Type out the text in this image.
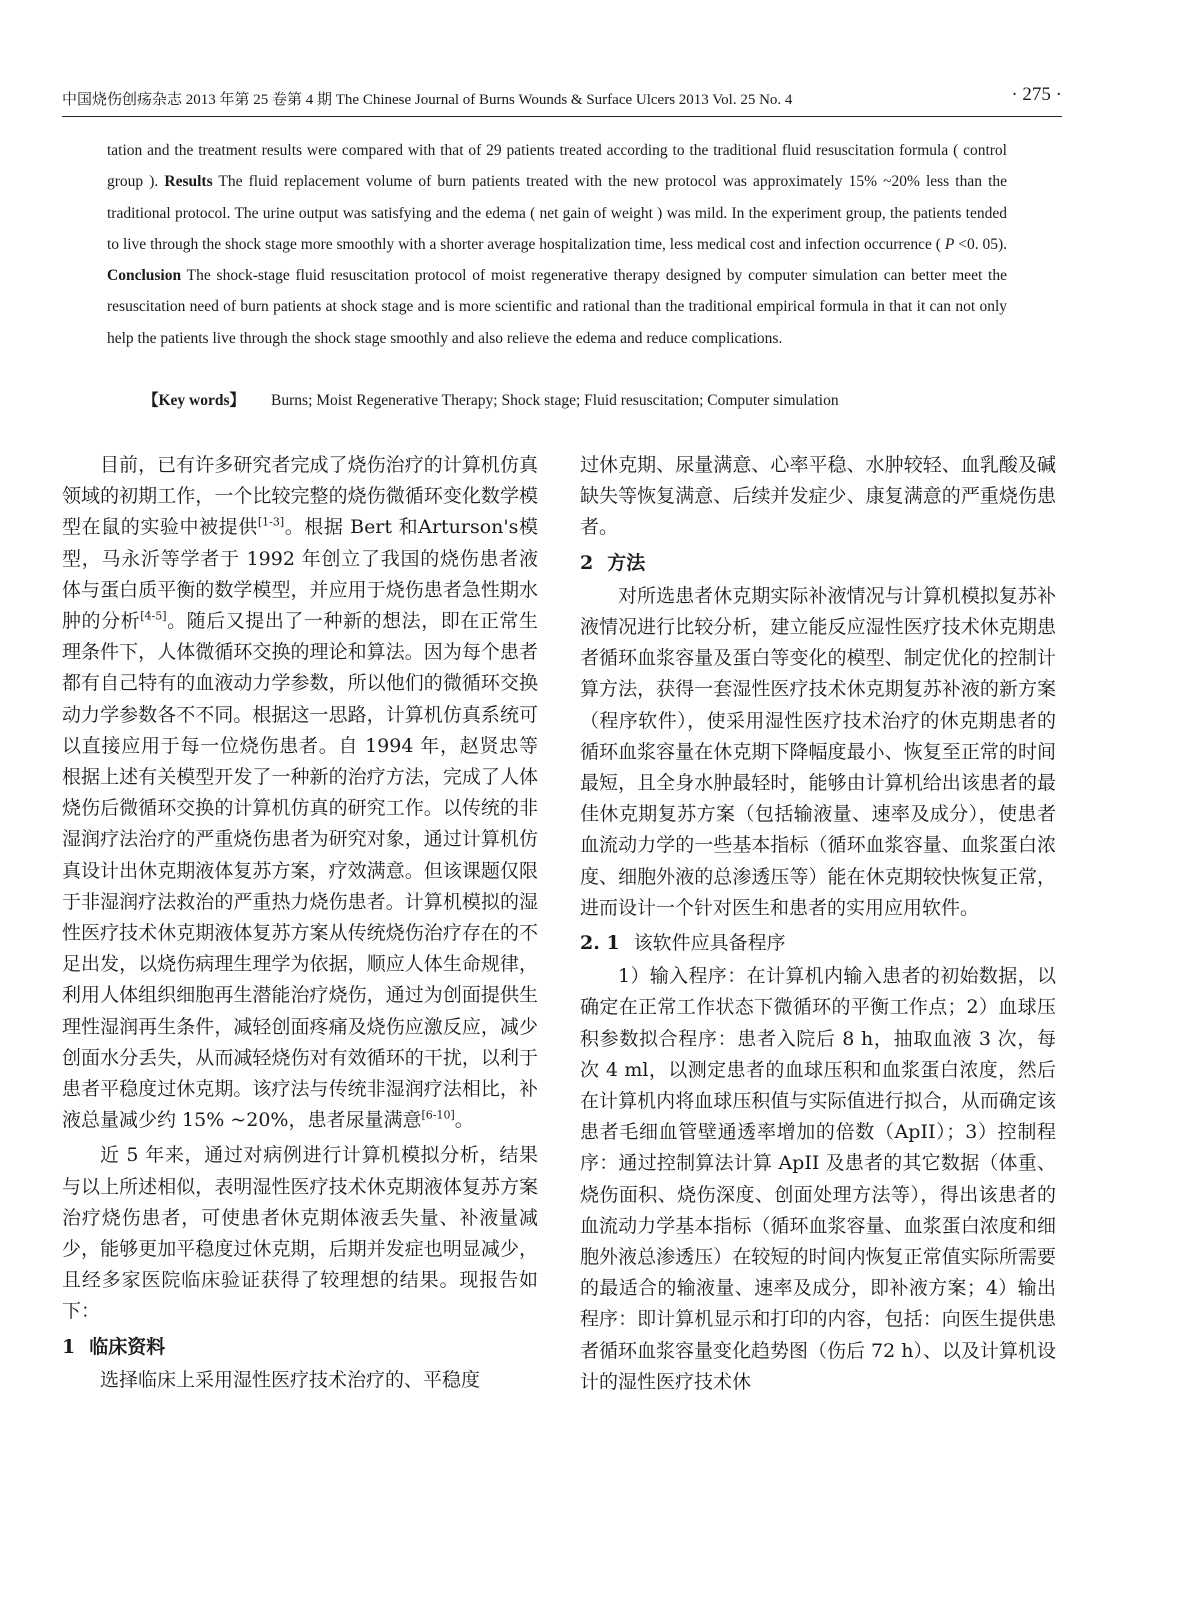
中国烧伤创疡杂志 2013 年第 25 卷第 4 期 The Chinese Journal of Burns Wounds & Surface Ulcers 2013 Vol. 25 No. 4	· 275 ·
tation and the treatment results were compared with that of 29 patients treated according to the traditional fluid resuscitation formula ( control group ). Results The fluid replacement volume of burn patients treated with the new protocol was approximately 15% ~20% less than the traditional protocol. The urine output was satisfying and the edema ( net gain of weight ) was mild. In the experiment group, the patients tended to live through the shock stage more smoothly with a shorter average hospitalization time, less medical cost and infection occurrence ( P <0. 05). Conclusion The shock-stage fluid resuscitation protocol of moist regenerative therapy designed by computer simulation can better meet the resuscitation need of burn patients at shock stage and is more scientific and rational than the traditional empirical formula in that it can not only help the patients live through the shock stage smoothly and also relieve the edema and reduce complications.
【Key words】 Burns; Moist Regenerative Therapy; Shock stage; Fluid resuscitation; Computer simulation

目前，已有许多研究者完成了烧伤治疗的计算机仿真领域的初期工作，一个比较完整的烧伤微循环变化数学模型在鼠的实验中被提供[1-3]。根据 Bert 和Arturson's模型，马永沂等学者于 1992 年创立了我国的烧伤患者液体与蛋白质平衡的数学模型，并应用于烧伤患者急性期水肿的分析[4-5]。随后又提出了一种新的想法，即在正常生理条件下，人体微循环交换的理论和算法。因为每个患者都有自己特有的血液动力学参数，所以他们的微循环交换动力学参数各不不同。根据这一思路，计算机仿真系统可以直接应用于每一位烧伤患者。自 1994 年，赵贤忠等根据上述有关模型开发了一种新的治疗方法，完成了人体烧伤后微循环交换的计算机仿真的研究工作。以传统的非湿润疗法治疗的严重烧伤患者为研究对象，通过计算机仿真设计出休克期液体复苏方案，疗效满意。但该课题仅限于非湿润疗法救治的严重热力烧伤患者。计算机模拟的湿性医疗技术休克期液体复苏方案从传统烧伤治疗存在的不足出发，以烧伤病理生理学为依据，顺应人体生命规律，利用人体组织细胞再生潜能治疗烧伤，通过为创面提供生理性湿润再生条件，减轻创面疼痛及烧伤应激反应，减少创面水分丢失，从而减轻烧伤对有效循环的干扰，以利于患者平稳度过休克期。该疗法与传统非湿润疗法相比，补液总量减少约 15% ~20%，患者尿量满意[6-10]。

近 5 年来，通过对病例进行计算机模拟分析，结果与以上所述相似，表明湿性医疗技术休克期液体复苏方案治疗烧伤患者，可使患者休克期体液丢失量、补液量减少，能够更加平稳度过休克期，后期并发症也明显减少，且经多家医院临床验证获得了较理想的结果。现报告如下：

1 临床资料

选择临床上采用湿性医疗技术治疗的、平稳度

过休克期、尿量满意、心率平稳、水肿较轻、血乳酸及碱缺失等恢复满意、后续并发症少、康复满意的严重烧伤患者。

2 方法

对所选患者休克期实际补液情况与计算机模拟复苏补液情况进行比较分析，建立能反应湿性医疗技术休克期患者循环血浆容量及蛋白等变化的模型、制定优化的控制计算方法，获得一套湿性医疗技术休克期复苏补液的新方案（程序软件），使采用湿性医疗技术治疗的休克期患者的循环血浆容量在休克期下降幅度最小、恢复至正常的时间最短，且全身水肿最轻时，能够由计算机给出该患者的最佳休克期复苏方案（包括输液量、速率及成分），使患者血流动力学的一些基本指标（循环血浆容量、血浆蛋白浓度、细胞外液的总渗透压等）能在休克期较快恢复正常，进而设计一个针对医生和患者的实用应用软件。

2. 1 该软件应具备程序

1）输入程序：在计算机内输入患者的初始数据，以确定在正常工作状态下微循环的平衡工作点；2）血球压积参数拟合程序：患者入院后 8 h，抽取血液 3 次，每次 4 ml，以测定患者的血球压积和血浆蛋白浓度，然后在计算机内将血球压积值与实际值进行拟合，从而确定该患者毛细血管壁通透率增加的倍数（ApII）；3）控制程序：通过控制算法计算 ApII 及患者的其它数据（体重、烧伤面积、烧伤深度、创面处理方法等），得出该患者的血流动力学基本指标（循环血浆容量、血浆蛋白浓度和细胞外液总渗透压）在较短的时间内恢复正常值实际所需要的最适合的输液量、速率及成分，即补液方案；4）输出程序：即计算机显示和打印的内容，包括：向医生提供患者循环血浆容量变化趋势图（伤后 72 h）、以及计算机设计的湿性医疗技术休
